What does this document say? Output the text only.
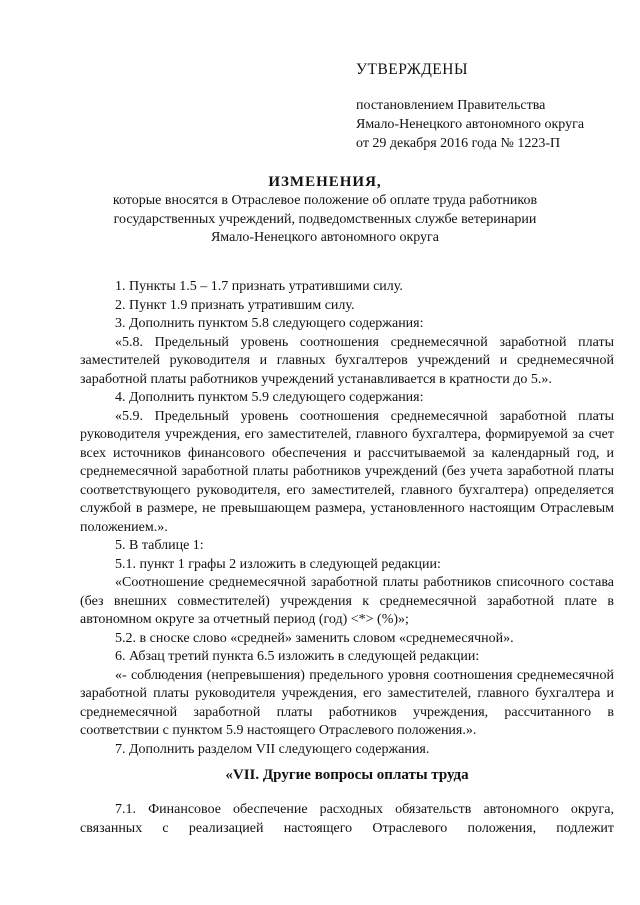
УТВЕРЖДЕНЫ
постановлением Правительства
Ямало-Ненецкого автономного округа
от 29 декабря 2016 года № 1223-П
ИЗМЕНЕНИЯ,
которые вносятся в Отраслевое положение об оплате труда работников
государственных учреждений, подведомственных службе ветеринарии
Ямало-Ненецкого автономного округа
1. Пункты 1.5 – 1.7 признать утратившими силу.
2. Пункт 1.9 признать утратившим силу.
3. Дополнить пунктом 5.8 следующего содержания:
«5.8. Предельный уровень соотношения среднемесячной заработной платы заместителей руководителя и главных бухгалтеров учреждений и среднемесячной заработной платы работников учреждений устанавливается в кратности до 5.».
4. Дополнить пунктом 5.9 следующего содержания:
«5.9. Предельный уровень соотношения среднемесячной заработной платы руководителя учреждения, его заместителей, главного бухгалтера, формируемой за счет всех источников финансового обеспечения и рассчитываемой за календарный год, и среднемесячной заработной платы работников учреждений (без учета заработной платы соответствующего руководителя, его заместителей, главного бухгалтера) определяется службой в размере, не превышающем размера, установленного настоящим Отраслевым положением.».
5. В таблице 1:
5.1. пункт 1 графы 2 изложить в следующей редакции:
«Соотношение среднемесячной заработной платы работников списочного состава (без внешних совместителей) учреждения к среднемесячной заработной плате в автономном округе за отчетный период (год) <*> (%)»;
5.2. в сноске слово «средней» заменить словом «среднемесячной».
6. Абзац третий пункта 6.5 изложить в следующей редакции:
«- соблюдения (непревышения) предельного уровня соотношения среднемесячной заработной платы руководителя учреждения, его заместителей, главного бухгалтера и среднемесячной заработной платы работников учреждения, рассчитанного в соответствии с пунктом 5.9 настоящего Отраслевого положения.».
7. Дополнить разделом VII следующего содержания.
«VII. Другие вопросы оплаты труда
7.1. Финансовое обеспечение расходных обязательств автономного округа, связанных с реализацией настоящего Отраслевого положения, подлежит
